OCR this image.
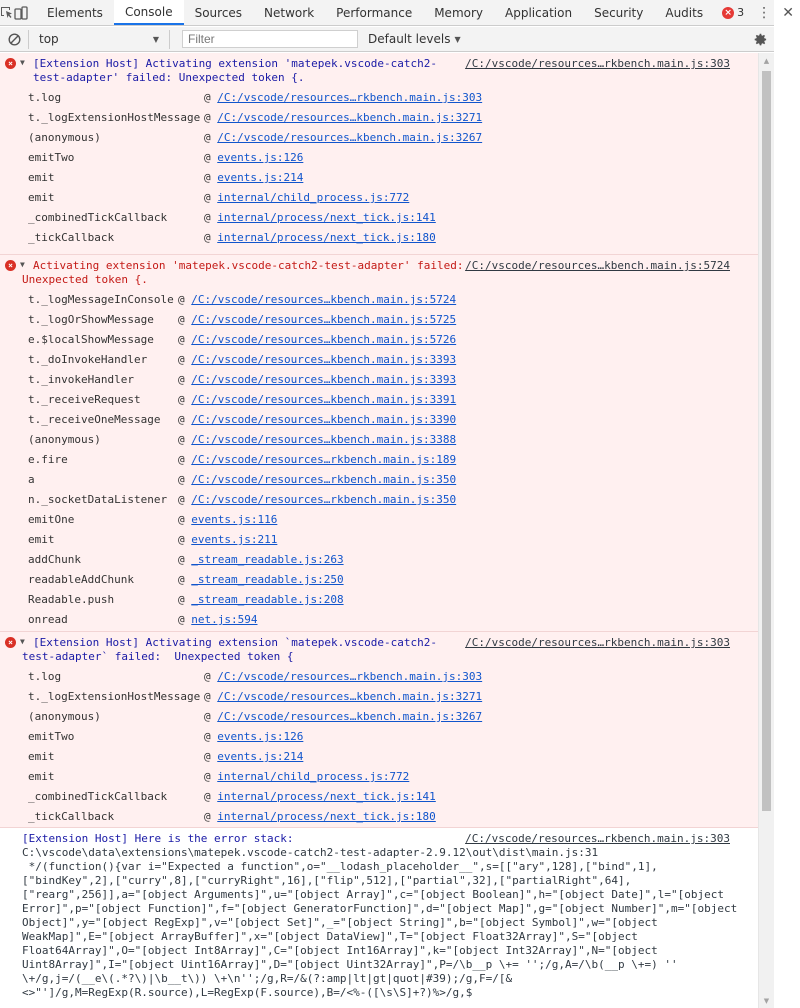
Elements	Console	Sources	Network	Performance	Memory	Application	Security	Audits	× 3 ⋮ ✕
top	▼
Filter	Default levels ▼
× ▼ [Extension Host] Activating extension 'matepek.vscode-catch2-
test-adapter' failed: Unexpected token {.
/C:/vscode/resources…rkbench.main.js:303
t.log	@ /C:/vscode/resources…rkbench.main.js:303
t._logExtensionHostMessage @ /C:/vscode/resources…kbench.main.js:3271
(anonymous)	@ /C:/vscode/resources…kbench.main.js:3267
emitTwo	@ events.js:126
emit	@ events.js:214
emit	@ internal/child_process.js:772
_combinedTickCallback	@ internal/process/next_tick.js:141
_tickCallback	@ internal/process/next_tick.js:180
× ▼ Activating extension 'matepek.vscode-catch2-test-adapter' failed:
Unexpected token {.
/C:/vscode/resources…kbench.main.js:5724
t._logMessageInConsole @ /C:/vscode/resources…kbench.main.js:5724
t._logOrShowMessage	@ /C:/vscode/resources…kbench.main.js:5725
e.$localShowMessage	@ /C:/vscode/resources…kbench.main.js:5726
t._doInvokeHandler	@ /C:/vscode/resources…kbench.main.js:3393
t._invokeHandler	@ /C:/vscode/resources…kbench.main.js:3393
t._receiveRequest	@ /C:/vscode/resources…kbench.main.js:3391
t._receiveOneMessage	@ /C:/vscode/resources…kbench.main.js:3390
(anonymous)	@ /C:/vscode/resources…kbench.main.js:3388
e.fire	@ /C:/vscode/resources…rkbench.main.js:189
a	@ /C:/vscode/resources…rkbench.main.js:350
n._socketDataListener @ /C:/vscode/resources…rkbench.main.js:350
emitOne	@ events.js:116
emit	@ events.js:211
addChunk	@ _stream_readable.js:263
readableAddChunk	@ _stream_readable.js:250
Readable.push	@ _stream_readable.js:208
onread	@ net.js:594
× ▼ [Extension Host] Activating extension `matepek.vscode-catch2-
test-adapter` failed:  Unexpected token {
/C:/vscode/resources…rkbench.main.js:303
t.log	@ /C:/vscode/resources…rkbench.main.js:303
t._logExtensionHostMessage @ /C:/vscode/resources…kbench.main.js:3271
(anonymous)	@ /C:/vscode/resources…kbench.main.js:3267
emitTwo	@ events.js:126
emit	@ events.js:214
emit	@ internal/child_process.js:772
_combinedTickCallback	@ internal/process/next_tick.js:141
_tickCallback	@ internal/process/next_tick.js:180
/C:/vscode/resources…rkbench.main.js:303
[Extension Host] Here is the error stack:
C:\vscode\data\extensions\matepek.vscode-catch2-test-adapter-2.9.12\out\dist\main.js:31
*/(function(){var i="Expected a function",o="__lodash_placeholder__",s=[["ary",128],["bind",1],
["bindKey",2],["curry",8],["curryRight",16],["flip",512],["partial",32],["partialRight",64],
["rearg",256]],a="[object Arguments]",u="[object Array]",c="[object Boolean]",h="[object Date]",l="[object
Error]",p="[object Function]",f="[object GeneratorFunction]",d="[object Map]",g="[object Number]",m="[object
Object]",y="[object RegExp]",v="[object Set]",_="[object String]",b="[object Symbol]",w="[object
WeakMap]",E="[object ArrayBuffer]",x="[object DataView]",T="[object Float32Array]",S="[object
Float64Array]",O="[object Int8Array]",C="[object Int16Array]",k="[object Int32Array]",N="[object
Uint8Array]",I="[object Uint16Array]",D="[object Uint32Array]",P=/\b__p \+= '';/g,A=/\b(__p \+=) ''
\+/g,j=/(__e\(.*?\)|\b__t\)) \+\n'';/g,R=/&(?:amp|lt|gt|quot|#39);/g,F=/[&
<>"']/g,M=RegExp(R.source),L=RegExp(F.source),B=/<%-([\s\S]+?)%>/g,$
▲
▼
